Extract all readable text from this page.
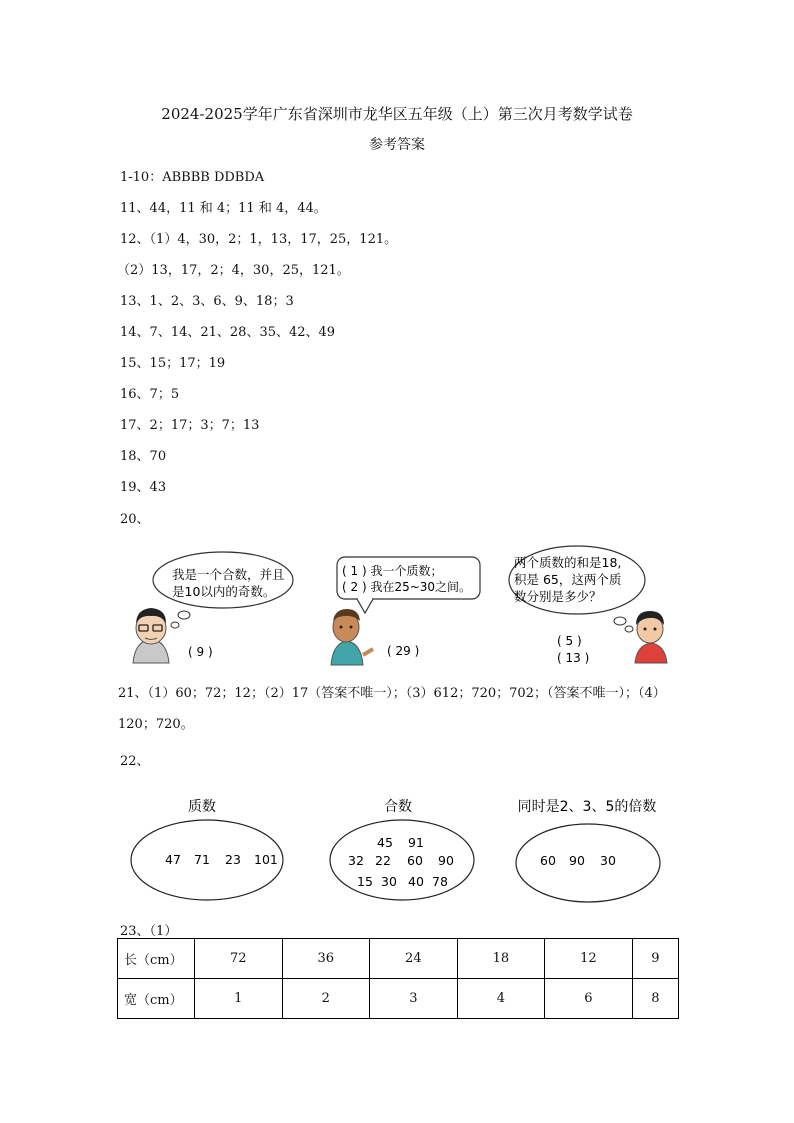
2024-2025学年广东省深圳市龙华区五年级（上）第三次月考数学试卷
参考答案
1-10：ABBBB DDBDA
11、44，11 和 4；11 和 4，44。
12、（1）4，30，2；1，13，17，25，121。
（2）13，17，2；4，30，25，121。
13、1、2、3、6、9、18；3
14、7、14、21、28、35、42、49
15、15；17；19
16、7；5
17、2；17；3；7；13
18、70
19、43
20、
我是一个合数，并且
是10以内的奇数。
( 9 )
( 1 ) 我一个质数；
( 2 ) 我在25~30之间。
( 29 )
两个质数的和是18,
积是 65，这两个质
数分别是多少？
( 5 )
( 13 )
21、（1）60；72；12；（2）17（答案不唯一）；（3）612；720；702；（答案不唯一）；（4）120；720。
22、
质数
47 71 23 101
合数
45 91
32 22 60 90
15 30 40 78
同时是2、3、5的倍数
60 90 30
23、（1）
长（cm）	72	36	24	18	12	9
宽（cm）	1	2	3	4	6	8
